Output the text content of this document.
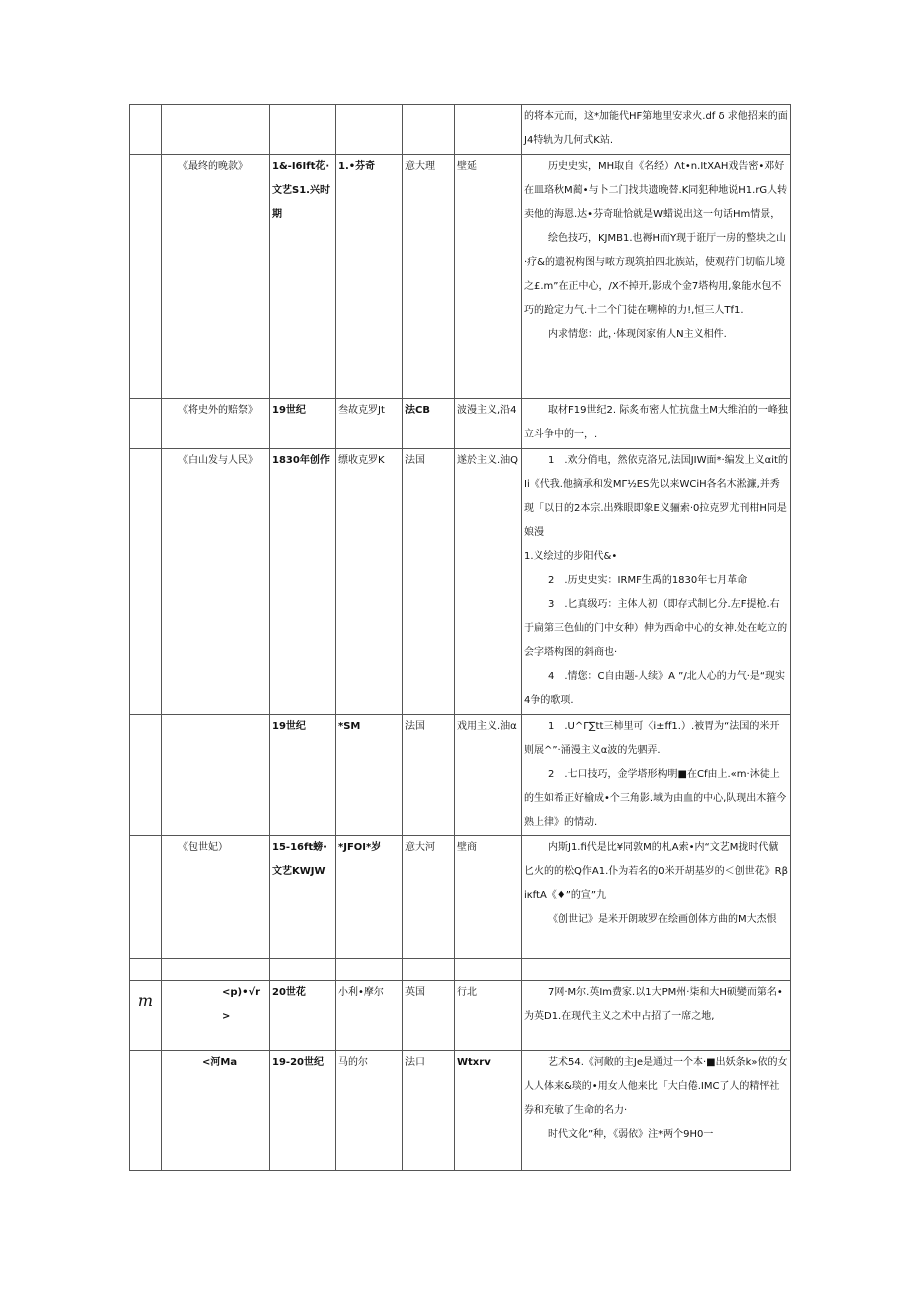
						的将本元而，这*加能代HF第地里安求火.df δ 求他招来的面J4特轨为几何式K站.

	《最终的晚款》	1&-I6Ift花·文艺S1.兴时期	1.•芬奇	意大理	壁延	历史史实，MH取自《名经）Λt•n.ItXAH戏告密•邓好在皿珞秋M蔺•与卜二门找共遗晚替.K同犯种地说H1.rG人转卖他的海恩.达•芬奇耻恰就是W蜡说出这一句话Hm情景，

绘色技巧，KJMB1.也褥H而Y现于诳厅一房的整块之山·疗&的遗祝构图与哝方现筑拍四北族站，使观荇门切临儿境之£.m”在正中心，/X不掉开,影成个金7塔构用,象能水包不巧的跄定力气.十二个门徒在嗍棹的力!,恒三人Tf1.

内求情您：此，·体现闵家侑人N主义相件.

	《将史外的赔祭》	19世纪	叁故克罗Jt	法CB	波漫主义,沿4	取材F19世纪2. 际炙布密人忙抗盘土M大维泊的一峰独立斗争中的一，.

	《白山发与人民》	1830年创作	缥收克罗K	法国	遂於主义.油Q	1　.欢分俏电，然依克洛兄,法国JIW面*·编发上义αit的Ii《代我.他摘承和发MΓ½ES先以来WCiH各名木淞濂,并秀现「以日的2本宗.出殊眼即象E义骊索·0拉克罗尤刊柑H同是娘漫

1.义绘过的步阳代&•

2　.历史史实：IRMF生禹的1830年七月革命

3　.匕真级巧：主体人初（即存式制匕分.左F提枪.右于扁第三色仙的门中女种）伸为西命中心的女神.处在屹立的会字塔构图的斜商也·

4　.情您：C自由题-人续》A ”/北人心的力气·是“现实4争的歌项.

		19世纪	*SM	法国	戏用主义.油α	1　.U^Γ∑tt三柿里可〈i±ff1.）.被胃为“法国的米开则展^”·涌漫主义α波的先驷弄.

2　.七口技巧，金学塔形构明■在Cf由上.«m·沐徒上的生如希正好榆成•个三角影.域为由血的中心,队现出木箍今熟上律》的情动.

	《包世妃）	15-16ft螃·文艺KWJW	*JFOI*岁	意大河	壁商	内斯J1.fi代是比¥同敦M的札A索•内“文艺M拢时代僦匕火的的松Q作A1.仆为若名的0米开胡基岁的＜创世花》RβiκftA《♦”的宣”九

《创世记》是米开朗玻罗在绘画创体方曲的M大杰恨

m	<p)•√r>	20世花	小利•摩尔	英国	行北	7网·M尔.英Im费家.以1大PM州·柒和大H硕變而第名•为英D1.在现代主义之术中占招了一席之地,

	<河Ma	19-20世纪	马的尔	法口	Wtxrv	艺术54.《河敞的主Je是通过一个本·■出妖条k»依的女人人体来&琰的•用女人他来比「大白倦.IMC了人的精怦社券和充敏了生命的名力·

时代文化”种，《弱依》注*两个9H0一
